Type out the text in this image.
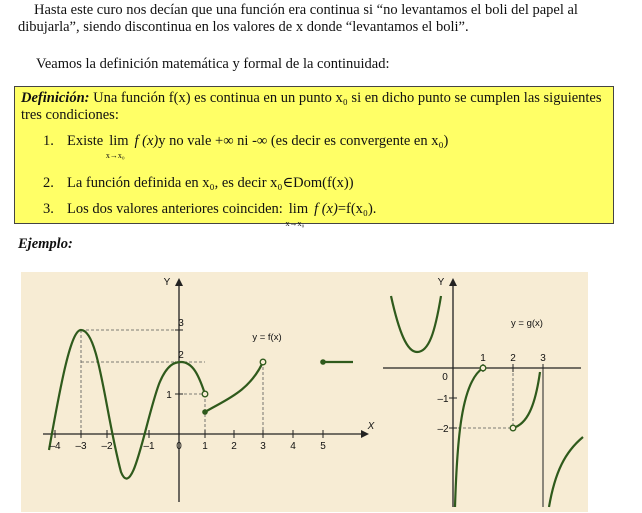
Hasta este curo nos decían que una función era continua si “no levantamos el boli del papel al dibujarla”, siendo discontinua en los valores de x donde “levantamos el boli”.
Veamos la definición matemática y formal de la continuidad:
Definición: Una función f(x) es continua en un punto x₀ si en dicho punto se cumplen las siguientes tres condiciones:
1. Existe lim
x→x₀
f (x)y no vale +∞ ni -∞ (es decir es convergente en x₀)
2. La función definida en x₀, es decir x₀∈Dom(f(x))
3. Los dos valores anteriores coinciden: lim
x→x₀
f (x)=f(x₀).
Ejemplo:
Y
X
y = f(x)
–4 –3 –2	–1 0 1 2 3 4 5
1
2
3
Y
y = g(x)
1 2 3
0
–1
–2
